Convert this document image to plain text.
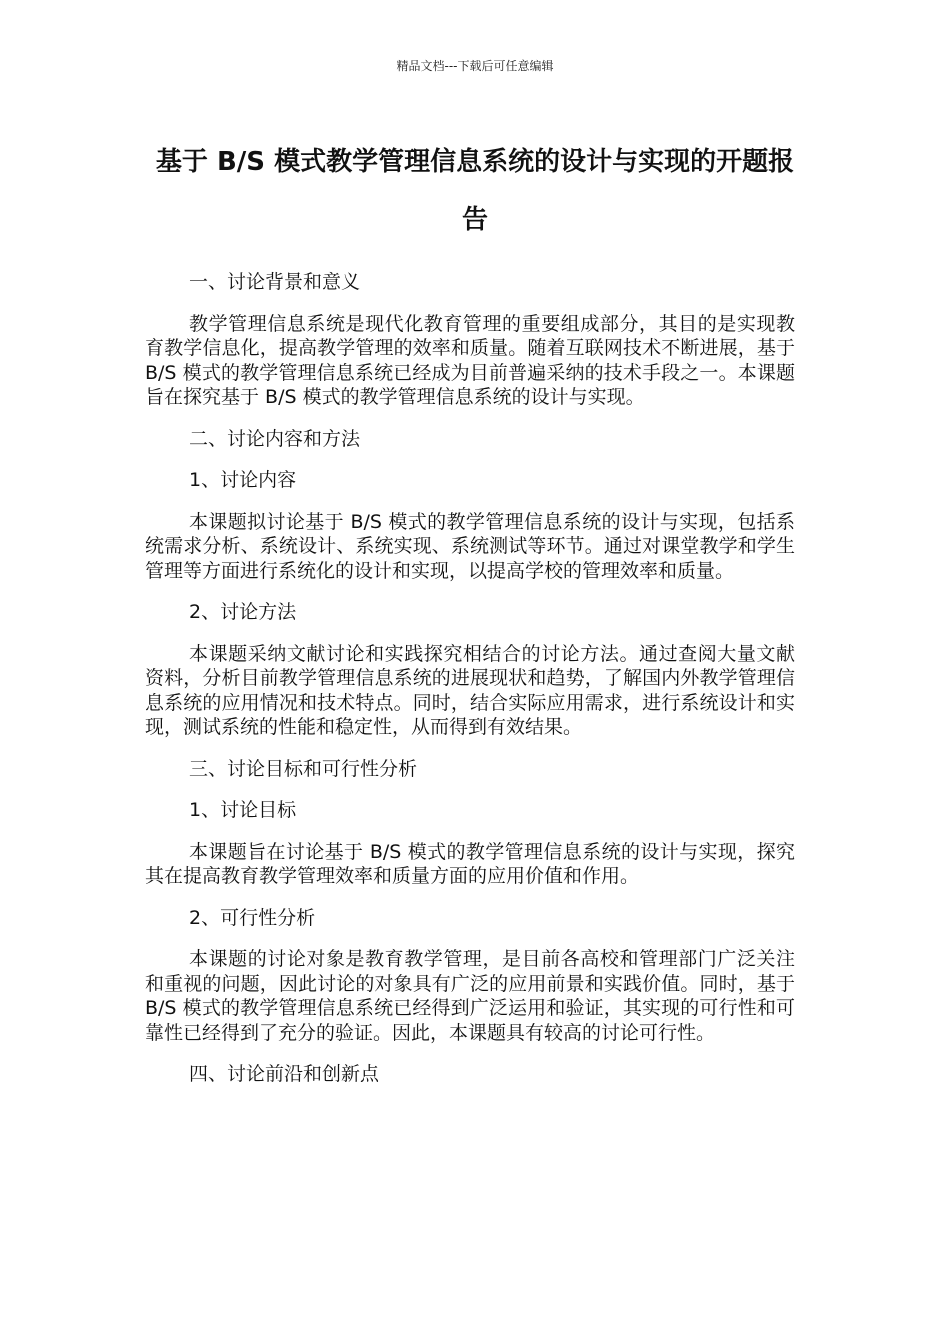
精品文档---下载后可任意编辑
基于 B/S 模式教学管理信息系统的设计与实现的开题报告

一、讨论背景和意义

教学管理信息系统是现代化教育管理的重要组成部分，其目的是实现教育教学信息化，提高教学管理的效率和质量。随着互联网技术不断进展，基于 B/S 模式的教学管理信息系统已经成为目前普遍采纳的技术手段之一。本课题旨在探究基于 B/S 模式的教学管理信息系统的设计与实现。

二、讨论内容和方法

1、讨论内容

本课题拟讨论基于 B/S 模式的教学管理信息系统的设计与实现，包括系统需求分析、系统设计、系统实现、系统测试等环节。通过对课堂教学和学生管理等方面进行系统化的设计和实现，以提高学校的管理效率和质量。

2、讨论方法

本课题采纳文献讨论和实践探究相结合的讨论方法。通过查阅大量文献资料，分析目前教学管理信息系统的进展现状和趋势，了解国内外教学管理信息系统的应用情况和技术特点。同时，结合实际应用需求，进行系统设计和实现，测试系统的性能和稳定性，从而得到有效结果。

三、讨论目标和可行性分析

1、讨论目标

本课题旨在讨论基于 B/S 模式的教学管理信息系统的设计与实现，探究其在提高教育教学管理效率和质量方面的应用价值和作用。

2、可行性分析

本课题的讨论对象是教育教学管理，是目前各高校和管理部门广泛关注和重视的问题，因此讨论的对象具有广泛的应用前景和实践价值。同时，基于 B/S 模式的教学管理信息系统已经得到广泛运用和验证，其实现的可行性和可靠性已经得到了充分的验证。因此，本课题具有较高的讨论可行性。

四、讨论前沿和创新点
